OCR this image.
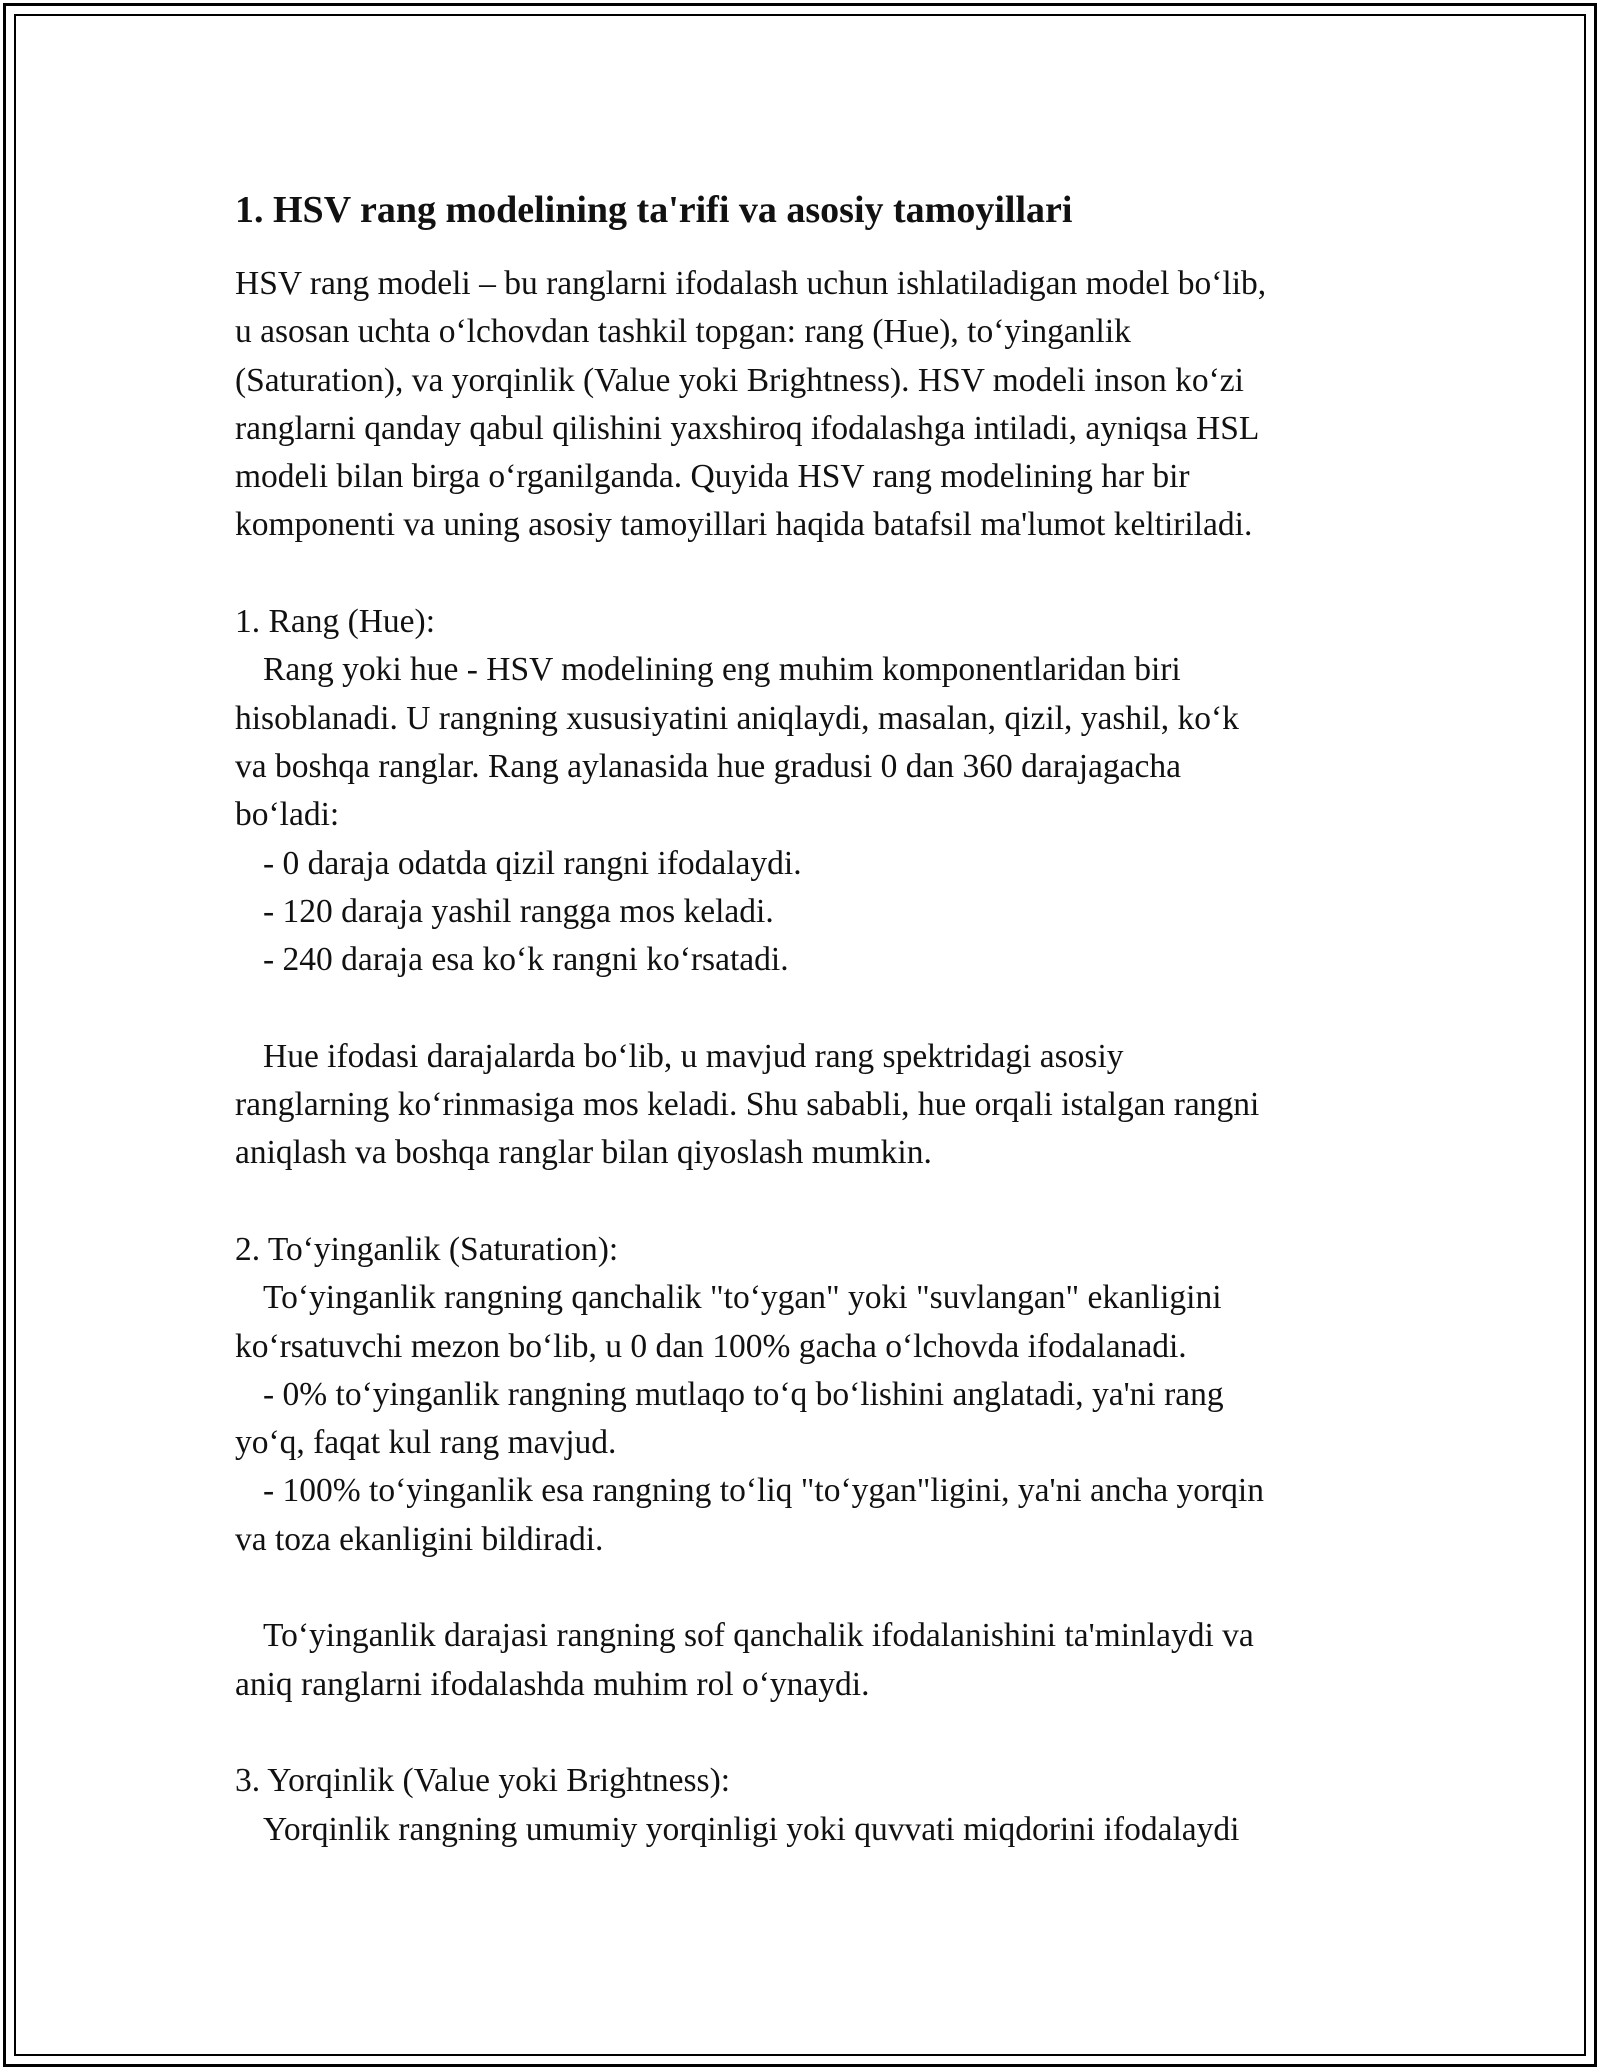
1. HSV rang modelining ta'rifi va asosiy tamoyillari
HSV rang modeli – bu ranglarni ifodalash uchun ishlatiladigan model bo‘lib,
u asosan uchta o‘lchovdan tashkil topgan: rang (Hue), to‘yinganlik
(Saturation), va yorqinlik (Value yoki Brightness). HSV modeli inson ko‘zi
ranglarni qanday qabul qilishini yaxshiroq ifodalashga intiladi, ayniqsa HSL
modeli bilan birga o‘rganilganda. Quyida HSV rang modelining har bir
komponenti va uning asosiy tamoyillari haqida batafsil ma'lumot keltiriladi.
1. Rang (Hue):
Rang yoki hue - HSV modelining eng muhim komponentlaridan biri
hisoblanadi. U rangning xususiyatini aniqlaydi, masalan, qizil, yashil, ko‘k
va boshqa ranglar. Rang aylanasida hue gradusi 0 dan 360 darajagacha
bo‘ladi:
- 0 daraja odatda qizil rangni ifodalaydi.
- 120 daraja yashil rangga mos keladi.
- 240 daraja esa ko‘k rangni ko‘rsatadi.
Hue ifodasi darajalarda bo‘lib, u mavjud rang spektridagi asosiy
ranglarning ko‘rinmasiga mos keladi. Shu sababli, hue orqali istalgan rangni
aniqlash va boshqa ranglar bilan qiyoslash mumkin.
2. To‘yinganlik (Saturation):
To‘yinganlik rangning qanchalik "to‘ygan" yoki "suvlangan" ekanligini
ko‘rsatuvchi mezon bo‘lib, u 0 dan 100% gacha o‘lchovda ifodalanadi.
- 0% to‘yinganlik rangning mutlaqo to‘q bo‘lishini anglatadi, ya'ni rang
yo‘q, faqat kul rang mavjud.
- 100% to‘yinganlik esa rangning to‘liq "to‘ygan"ligini, ya'ni ancha yorqin
va toza ekanligini bildiradi.
To‘yinganlik darajasi rangning sof qanchalik ifodalanishini ta'minlaydi va
aniq ranglarni ifodalashda muhim rol o‘ynaydi.
3. Yorqinlik (Value yoki Brightness):
Yorqinlik rangning umumiy yorqinligi yoki quvvati miqdorini ifodalaydi
